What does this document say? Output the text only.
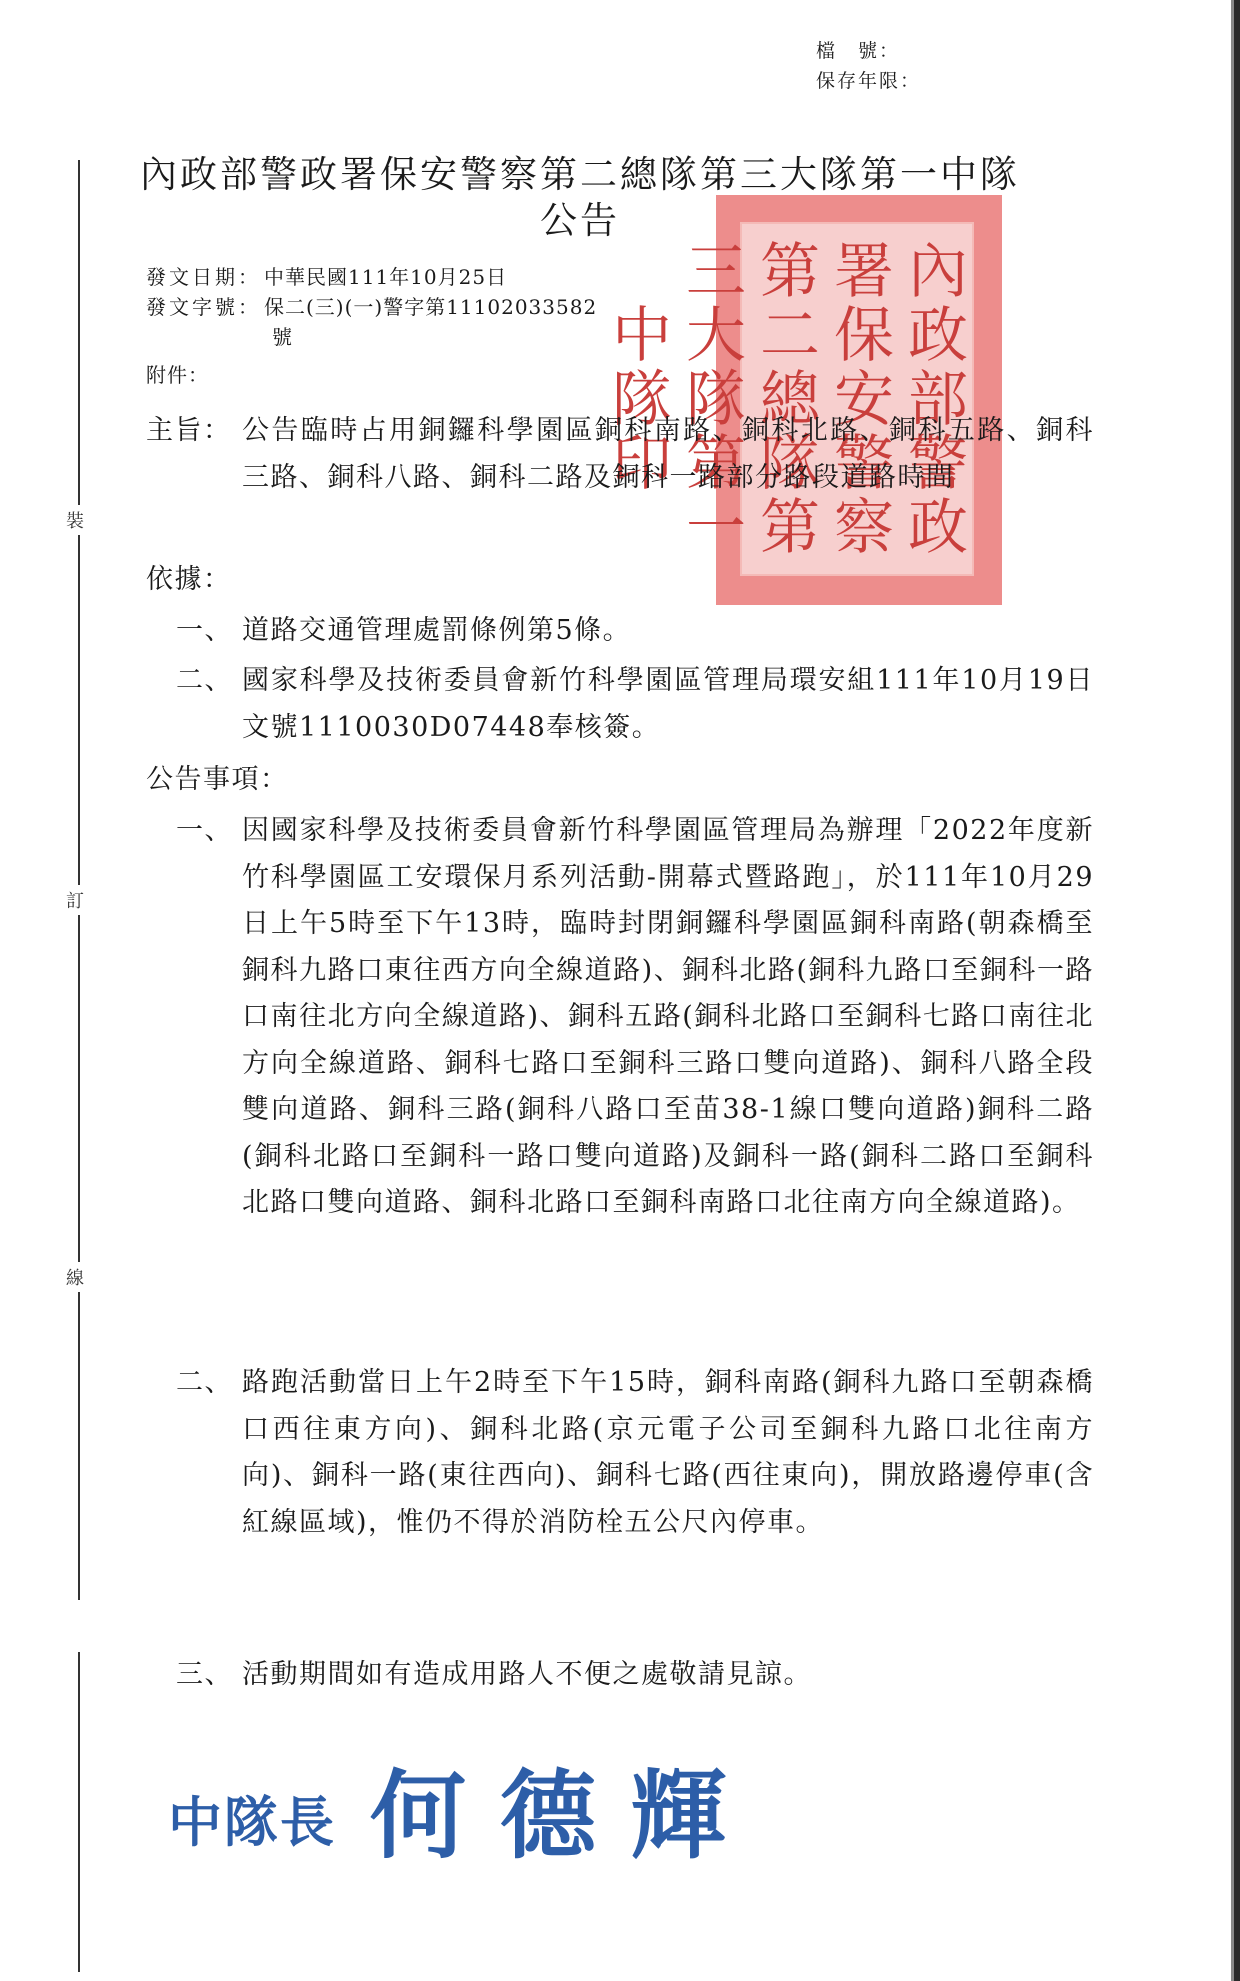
檔　號：
保存年限：
裝
訂
線
內政部警政署保安警察第二總隊第三大隊第一中隊印
內政部警政署保安警察第二總隊第三大隊第一中隊
公告
發文日期： 中華民國111年10月25日
發文字號： 保二(三)(一)警字第11102033582
號
附件：
主旨： 公告臨時占用銅鑼科學園區銅科南路、銅科北路、銅科五路、銅科三路、銅科八路、銅科二路及銅科一路部分路段道路時間
依據：
一、 道路交通管理處罰條例第5條。
二、 國家科學及技術委員會新竹科學園區管理局環安組111年10月19日文號1110030D07448奉核簽。
公告事項：
一、 因國家科學及技術委員會新竹科學園區管理局為辦理「2022年度新竹科學園區工安環保月系列活動-開幕式暨路跑」，於111年10月29日上午5時至下午13時，臨時封閉銅鑼科學園區銅科南路(朝森橋至銅科九路口東往西方向全線道路)、銅科北路(銅科九路口至銅科一路口南往北方向全線道路)、銅科五路(銅科北路口至銅科七路口南往北方向全線道路、銅科七路口至銅科三路口雙向道路)、銅科八路全段雙向道路、銅科三路(銅科八路口至苗38-1線口雙向道路)銅科二路(銅科北路口至銅科一路口雙向道路)及銅科一路(銅科二路口至銅科北路口雙向道路、銅科北路口至銅科南路口北往南方向全線道路)。
二、 路跑活動當日上午2時至下午15時，銅科南路(銅科九路口至朝森橋口西往東方向)、銅科北路(京元電子公司至銅科九路口北往南方向)、銅科一路(東往西向)、銅科七路(西往東向)，開放路邊停車(含紅線區域)，惟仍不得於消防栓五公尺內停車。
三、 活動期間如有造成用路人不便之處敬請見諒。
中隊長 何德輝
